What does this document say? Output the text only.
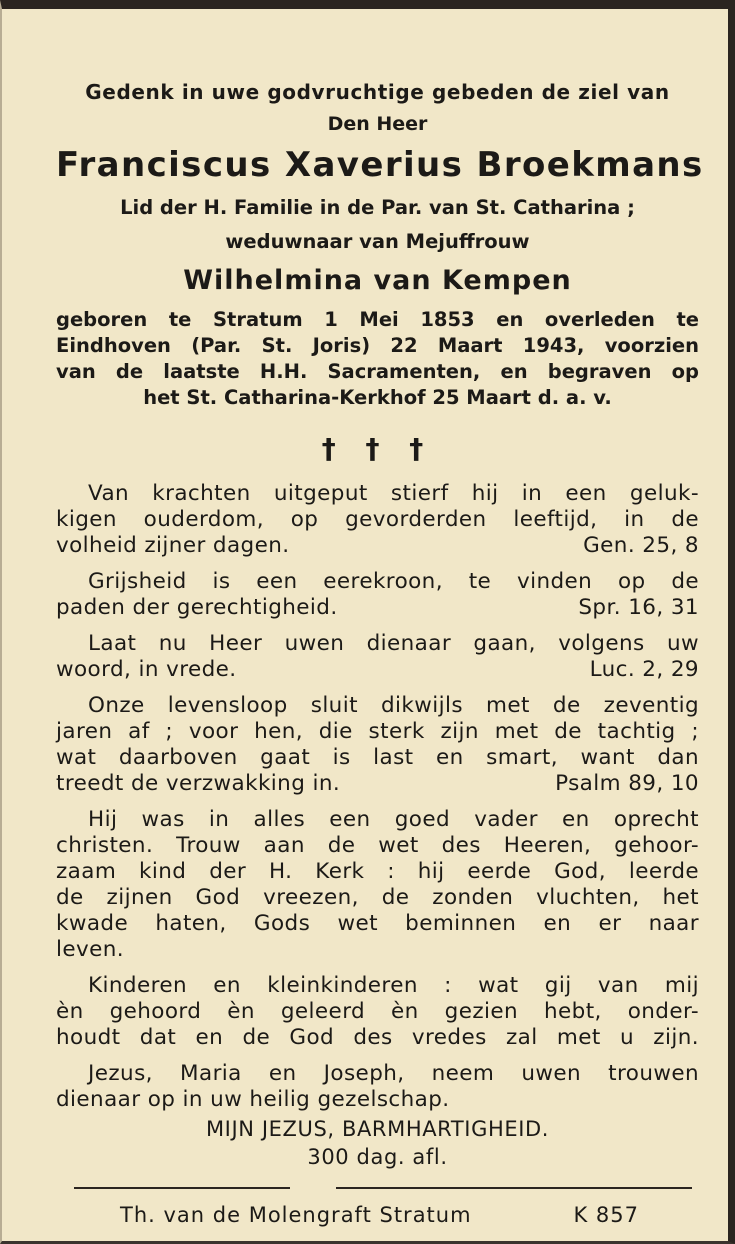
Gedenk in uwe godvruchtige gebeden de ziel van
Den Heer
Franciscus Xaverius Broekmans
Lid der H. Familie in de Par. van St. Catharina ;
weduwnaar van Mejuffrouw
Wilhelmina van Kempen
geboren te Stratum 1 Mei 1853 en overleden te
Eindhoven (Par. St. Joris) 22 Maart 1943, voorzien
van de laatste H.H. Sacramenten, en begraven op
het St. Catharina-Kerkhof 25 Maart d. a. v.
† † †
Van krachten uitgeput stierf hij in een geluk-
kigen ouderdom, op gevorderden leeftijd, in de
volheid zijner dagen.	Gen. 25, 8
Grijsheid is een eerekroon, te vinden op de
paden der gerechtigheid.	Spr. 16, 31
Laat nu Heer uwen dienaar gaan, volgens uw
woord, in vrede.	Luc. 2, 29
Onze levensloop sluit dikwijls met de zeventig
jaren af ; voor hen, die sterk zijn met de tachtig ;
wat daarboven gaat is last en smart, want dan
treedt de verzwakking in.	Psalm 89, 10
Hij was in alles een goed vader en oprecht
christen. Trouw aan de wet des Heeren, gehoor-
zaam kind der H. Kerk : hij eerde God, leerde
de zijnen God vreezen, de zonden vluchten, het
kwade haten, Gods wet beminnen en er naar
leven.
Kinderen en kleinkinderen : wat gij van mij
èn gehoord èn geleerd èn gezien hebt, onder-
houdt dat en de God des vredes zal met u zijn.
Jezus, Maria en Joseph, neem uwen trouwen
dienaar op in uw heilig gezelschap.
MIJN JEZUS, BARMHARTIGHEID.
300 dag. afl.
Th. van de Molengraft Stratum	K 857
